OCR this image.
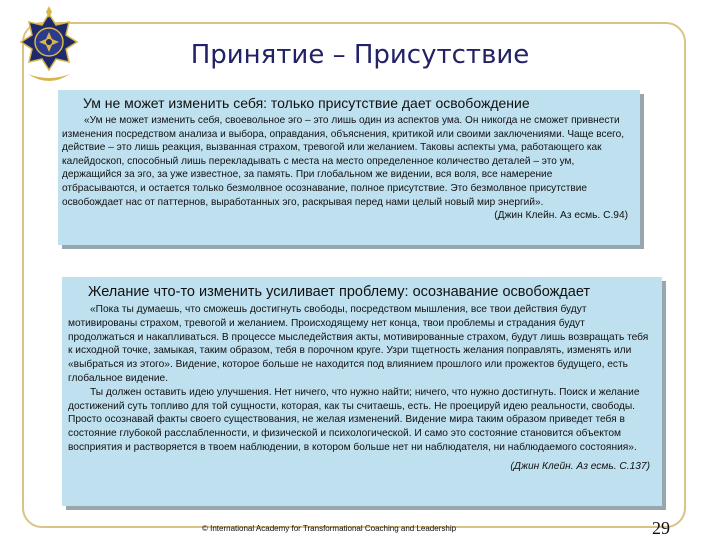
Принятие – Присутствие
Ум не может изменить себя: только присутствие дает освобождение

«Ум не может изменить себя, своевольное эго – это лишь один из аспектов ума. Он никогда не сможет привнести изменения посредством анализа и выбора, оправдания, объяснения, критикой или своими заключениями. Чаще всего, действие – это лишь реакция, вызванная страхом, тревогой или желанием. Таковы аспекты ума, работающего как калейдоскоп, способный лишь перекладывать с места на место определенное количество деталей – это ум, держащийся за эго, за уже известное, за память. При глобальном же видении, вся воля, все намерение отбрасываются, и остается только безмолвное осознавание, полное присутствие. Это безмолвное присутствие освобождает нас от паттернов, выработанных эго, раскрывая перед нами целый новый мир энергий».

(Джин Клейн. Аз есмь. С.94)
Желание что-то изменить усиливает проблему: осознавание освобождает

«Пока ты думаешь, что сможешь достигнуть свободы, посредством мышления, все твои действия будут мотивированы страхом, тревогой и желанием. Происходящему нет конца, твои проблемы и страдания будут продолжаться и накапливаться. В процессе мыследействия акты, мотивированные страхом, будут лишь возвращать тебя к исходной точке, замыкая, таким образом, тебя в порочном круге. Узри тщетность желания поправлять, изменять или «выбраться из этого». Видение, которое больше не находится под влиянием прошлого или прожектов будущего, есть глобальное видение.

Ты должен оставить идею улучшения. Нет ничего, что нужно найти; ничего, что нужно достигнуть. Поиск и желание достижений суть топливо для той сущности, которая, как ты считаешь, есть. Не проецируй идею реальности, свободы. Просто осознавай факты своего существования, не желая изменений. Видение мира таким образом приведет тебя в состояние глубокой расслабленности, и физической и психологической. И само это состояние становится объектом восприятия и растворяется в твоем наблюдении, в котором больше нет ни наблюдателя, ни наблюдаемого состояния».

(Джин Клейн. Аз есмь. С.137)
© International Academy for Transformational Coaching and Leadership	29
